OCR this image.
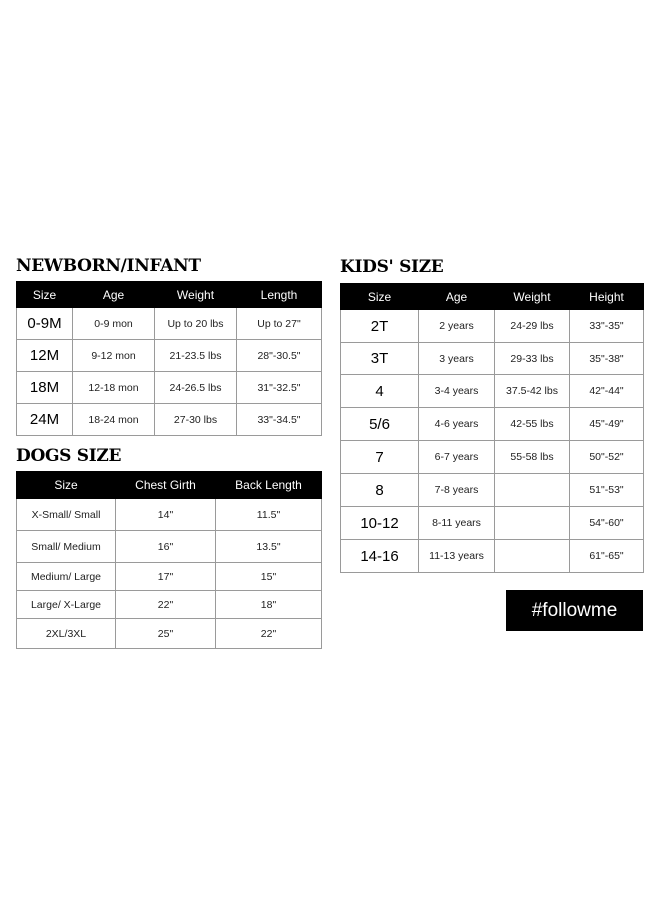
NEWBORN/INFANT
Size	Age	Weight	Length
0-9M	0-9 mon	Up to 20 lbs	Up to 27"
12M	9-12 mon	21-23.5 lbs	28"-30.5"
18M	12-18 mon	24-26.5 lbs	31"-32.5"
24M	18-24 mon	27-30 lbs	33"-34.5"
DOGS SIZE
Size	Chest Girth	Back Length
X-Small/ Small	14"	11.5"
Small/ Medium	16"	13.5"
Medium/ Large	17"	15"
Large/ X-Large	22"	18"
2XL/3XL	25"	22"
KIDS' SIZE
Size	Age	Weight	Height
2T	2 years	24-29 lbs	33"-35"
3T	3 years	29-33 lbs	35"-38"
4	3-4 years	37.5-42 lbs	42"-44"
5/6	4-6 years	42-55 lbs	45"-49"
7	6-7 years	55-58 lbs	50"-52"
8	7-8 years		51"-53"
10-12	8-11 years		54"-60"
14-16	11-13 years		61"-65"
#followme
